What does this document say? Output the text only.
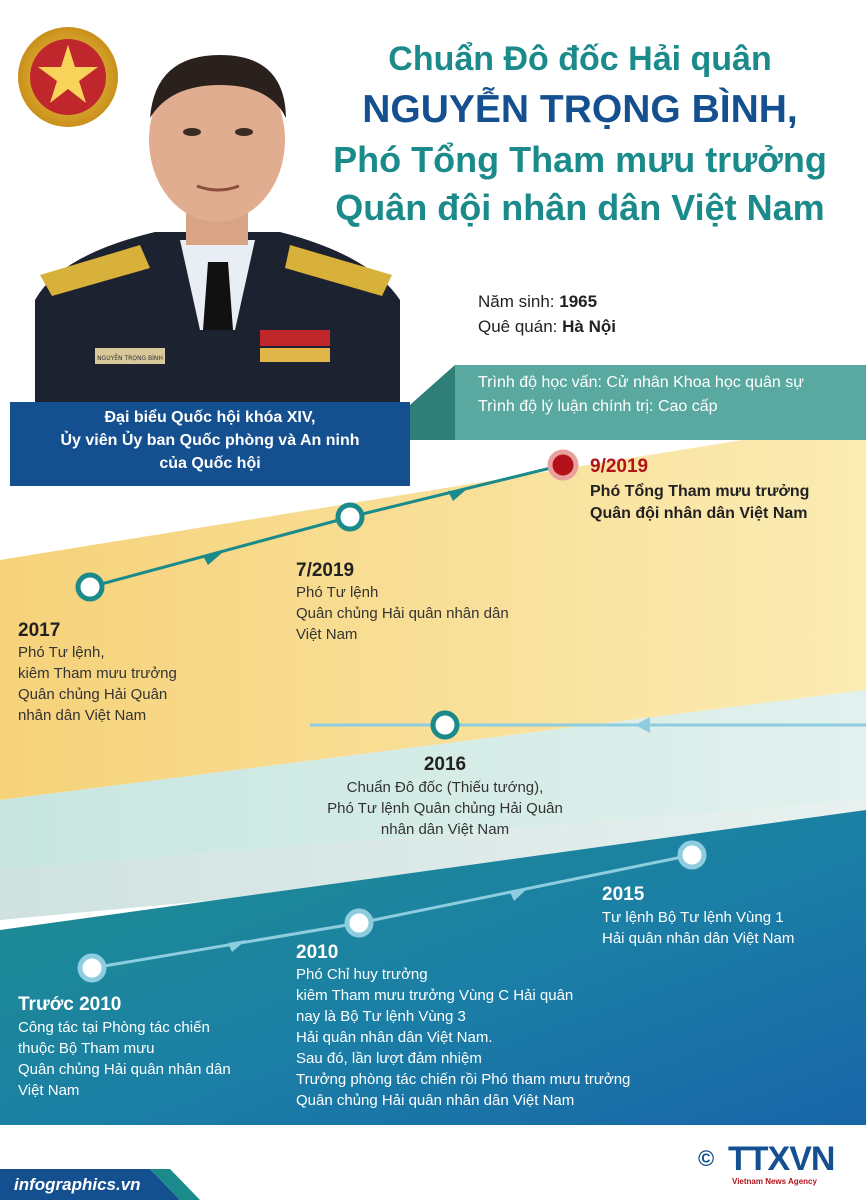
NGUYỄN TRỌNG BÌNH
Chuẩn Đô đốc Hải quân
NGUYỄN TRỌNG BÌNH,
Phó Tổng Tham mưu trưởng
Quân đội nhân dân Việt Nam
Năm sinh: 1965
Quê quán: Hà Nội
Trình độ học vấn: Cử nhân Khoa học quân sự
Trình độ lý luận chính trị: Cao cấp
Đại biểu Quốc hội khóa XIV,
Ủy viên Ủy ban Quốc phòng và An ninh
của Quốc hội
2017
Phó Tư lệnh,
kiêm Tham mưu trưởng
Quân chủng Hải Quân
nhân dân Việt Nam
7/2019
Phó Tư lệnh
Quân chủng Hải quân nhân dân
Việt Nam
9/2019
Phó Tổng Tham mưu trưởng
Quân đội nhân dân Việt Nam
2016
Chuẩn Đô đốc (Thiếu tướng),
Phó Tư lệnh Quân chủng Hải Quân
nhân dân Việt Nam
Trước 2010
Công tác tại Phòng tác chiến
thuộc Bộ Tham mưu
Quân chủng Hải quân nhân dân
Việt Nam
2010
Phó Chỉ huy trưởng
kiêm Tham mưu trưởng Vùng C Hải quân
nay là Bộ Tư lệnh Vùng 3
Hải quân nhân dân Việt Nam.
Sau đó, lần lượt đảm nhiệm
Trưởng phòng tác chiến rồi Phó tham mưu trưởng
Quân chủng Hải quân nhân dân Việt Nam
2015
Tư lệnh Bộ Tư lệnh Vùng 1
Hải quân nhân dân Việt Nam
infographics.vn
© TTXVN
Vietnam News Agency
